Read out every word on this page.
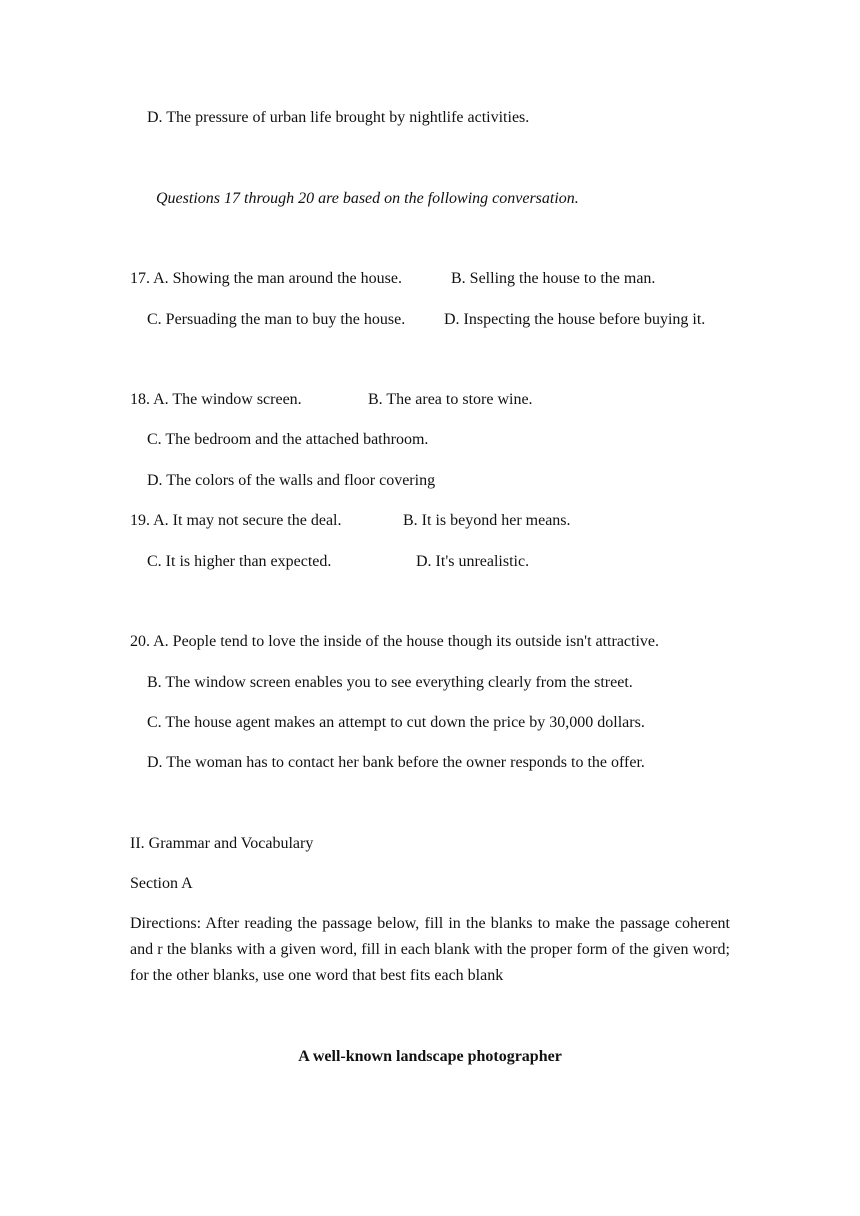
D. The pressure of urban life brought by nightlife activities.
Questions 17 through 20 are based on the following conversation.
17. A. Showing the man around the house.	B. Selling the house to the man.
C. Persuading the man to buy the house. D. Inspecting the house before buying it.
18. A. The window screen.	B. The area to store wine.
C. The bedroom and the attached bathroom.
D. The colors of the walls and floor covering
19. A. It may not secure the deal.	B. It is beyond her means.
C. It is higher than expected.	D. It's unrealistic.
20. A. People tend to love the inside of the house though its outside isn't attractive.
B. The window screen enables you to see everything clearly from the street.
C. The house agent makes an attempt to cut down the price by 30,000 dollars.
D. The woman has to contact her bank before the owner responds to the offer.
II. Grammar and Vocabulary
Section A
Directions: After reading the passage below, fill in the blanks to make the passage coherent and r the blanks with a given word, fill in each blank with the proper form of the given word; for the other blanks, use one word that best fits each blank
A well-known landscape photographer
